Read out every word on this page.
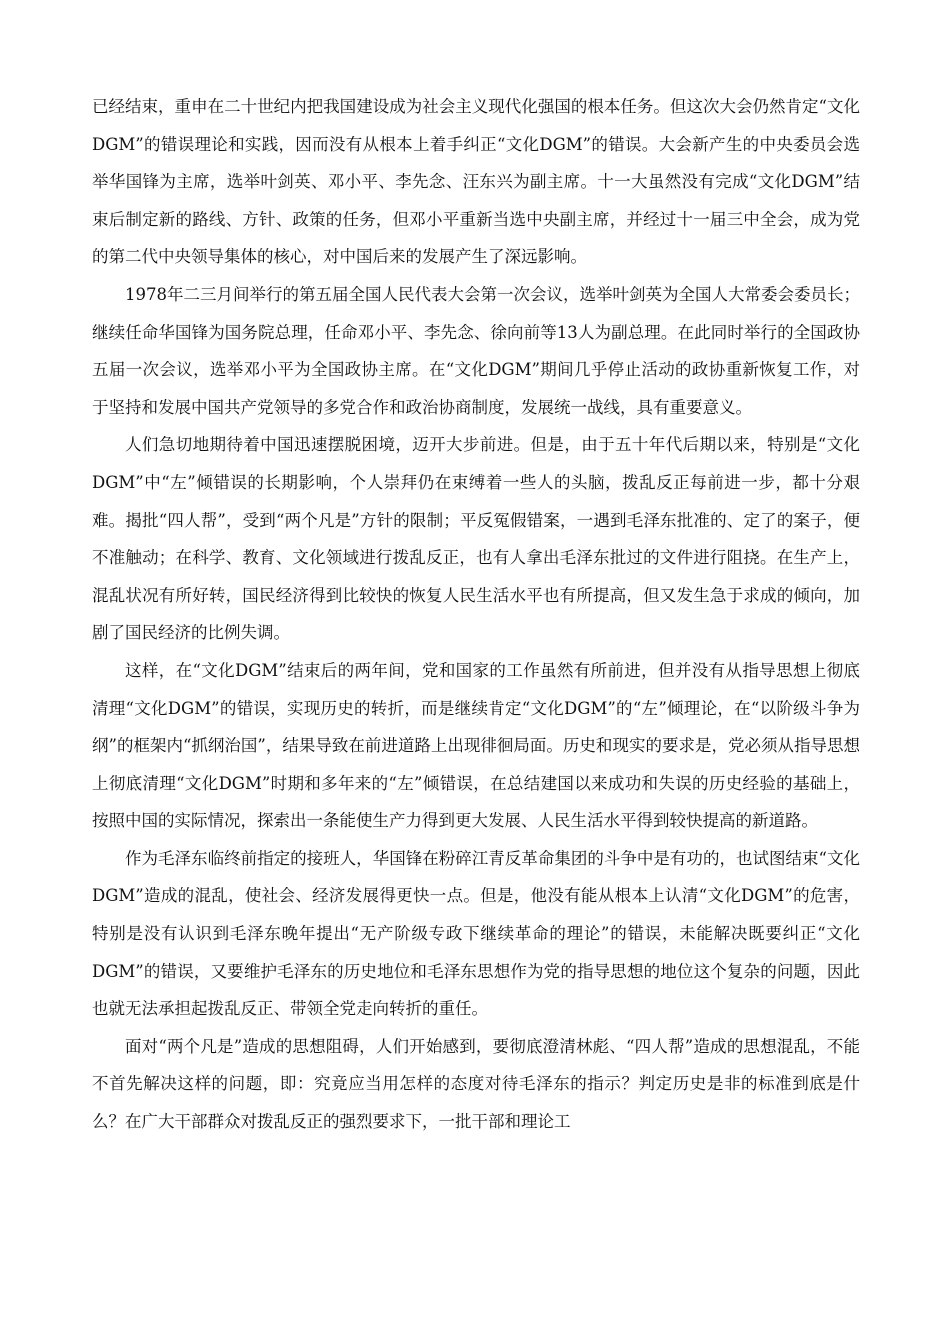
已经结束，重申在二十世纪内把我国建设成为社会主义现代化强国的根本任务。但这次大会仍然肯定“文化DGM”的错误理论和实践，因而没有从根本上着手纠正“文化DGM”的错误。大会新产生的中央委员会选举华国锋为主席，选举叶剑英、邓小平、李先念、汪东兴为副主席。十一大虽然没有完成“文化DGM”结束后制定新的路线、方针、政策的任务，但邓小平重新当选中央副主席，并经过十一届三中全会，成为党的第二代中央领导集体的核心，对中国后来的发展产生了深远影响。

1978年二三月间举行的第五届全国人民代表大会第一次会议，选举叶剑英为全国人大常委会委员长；继续任命华国锋为国务院总理，任命邓小平、李先念、徐向前等13人为副总理。在此同时举行的全国政协五届一次会议，选举邓小平为全国政协主席。在“文化DGM”期间几乎停止活动的政协重新恢复工作，对于坚持和发展中国共产党领导的多党合作和政治协商制度，发展统一战线，具有重要意义。

人们急切地期待着中国迅速摆脱困境，迈开大步前进。但是，由于五十年代后期以来，特别是“文化DGM”中“左”倾错误的长期影响，个人崇拜仍在束缚着一些人的头脑，拨乱反正每前进一步，都十分艰难。揭批“四人帮”，受到“两个凡是”方针的限制；平反冤假错案，一遇到毛泽东批准的、定了的案子，便不准触动；在科学、教育、文化领域进行拨乱反正，也有人拿出毛泽东批过的文件进行阻挠。在生产上，混乱状况有所好转，国民经济得到比较快的恢复人民生活水平也有所提高，但又发生急于求成的倾向，加剧了国民经济的比例失调。

这样，在“文化DGM”结束后的两年间，党和国家的工作虽然有所前进，但并没有从指导思想上彻底清理“文化DGM”的错误，实现历史的转折，而是继续肯定“文化DGM”的“左”倾理论，在“以阶级斗争为纲”的框架内“抓纲治国”，结果导致在前进道路上出现徘徊局面。历史和现实的要求是，党必须从指导思想上彻底清理“文化DGM”时期和多年来的“左”倾错误，在总结建国以来成功和失误的历史经验的基础上，按照中国的实际情况，探索出一条能使生产力得到更大发展、人民生活水平得到较快提高的新道路。

作为毛泽东临终前指定的接班人，华国锋在粉碎江青反革命集团的斗争中是有功的，也试图结束“文化DGM”造成的混乱，使社会、经济发展得更快一点。但是，他没有能从根本上认清“文化DGM”的危害，特别是没有认识到毛泽东晚年提出“无产阶级专政下继续革命的理论”的错误，未能解决既要纠正“文化DGM”的错误，又要维护毛泽东的历史地位和毛泽东思想作为党的指导思想的地位这个复杂的问题，因此也就无法承担起拨乱反正、带领全党走向转折的重任。

面对“两个凡是”造成的思想阻碍，人们开始感到，要彻底澄清林彪、“四人帮”造成的思想混乱，不能不首先解决这样的问题，即：究竟应当用怎样的态度对待毛泽东的指示？判定历史是非的标准到底是什么？在广大干部群众对拨乱反正的强烈要求下，一批干部和理论工
